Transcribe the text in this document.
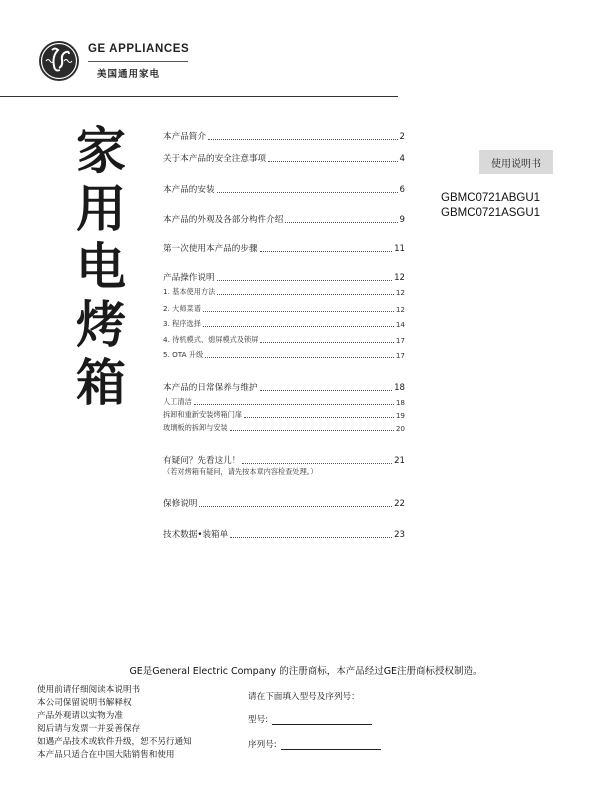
GE APPLIANCES
美国通用家电
家
用
电
烤
箱
本产品简介	2
关于本产品的安全注意事项	4
本产品的安装	6
本产品的外观及各部分构件介绍	9
第一次使用本产品的步骤	11
产品操作说明	12
1. 基本使用方法	12
2. 大师菜谱	12
3. 程序选择	14
4. 待机模式、熄屏模式及锁屏	17
5. OTA 升级	17
本产品的日常保养与维护	18
人工清洁	18
拆卸和重新安装烤箱门扉	19
玻璃板的拆卸与安装	20
有疑问？先看这儿！	21
（若对烤箱有疑问，请先按本章内容检查处理。）
保修说明	22
技术数据•装箱单	23
使用说明书
GBMC0721ABGU1
GBMC0721ASGU1
GE是General Electric Company 的注册商标，本产品经过GE注册商标授权制造。
使用前请仔细阅读本说明书
本公司保留说明书解释权
产品外观请以实物为准
阅后请与发票一并妥善保存
如遇产品技术或软件升级，恕不另行通知
本产品只适合在中国大陆销售和使用
请在下面填入型号及序列号：
型号:
序列号:
